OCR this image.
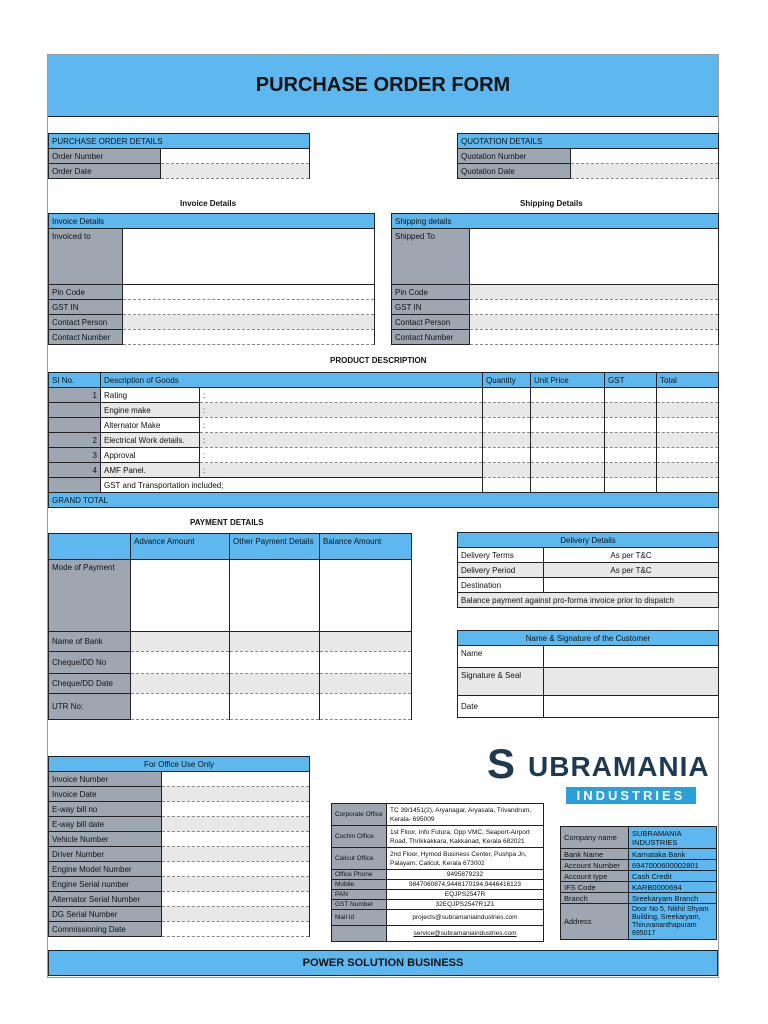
PURCHASE ORDER FORM
PURCHASE ORDER DETAILS	
Order Number	
Order Date	
QUOTATION DETAILS	
Quotation Number	
Quotation Date	
Invoice Details	Shipping Details
Invoice Details	
Invoiced to	
Pin Code	
GST IN	
Contact Person	
Contact Number	
Shipping details	
Shipped To	
Pin Code	
GST IN	
Contact Person	
Contact Number	
PRODUCT DESCRIPTION
SI No.	Description of Goods		Quantity	Unit Price	GST	Total
1	Rating	:				
	Engine make	:				
	Alternator Make	:				
2	Electrical Work details.	:				
3	Approval	:				
4	AMF Panel.	:				
	GST and Transportation included;					
GRAND TOTAL						
PAYMENT DETAILS
	Advance Amount	Other Payment Details	Balance Amount
Mode of Payment			
Name of Bank			
Cheque/DD No			
Cheque/DD Date			
UTR No:			
Delivery Details	
Delivery Terms	As per T&C
Delivery Period	As per T&C
Destination	
Balance payment against pro-forma invoice prior to dispatch	
Name & Signature of the Customer	
Name	
Signature & Seal	
Date	
For Office Use Only	
Invoice Number	
Invoice Date	
E-way bill no	
E-way bill date	
Vehicle Number	
Driver Number	
Engine Model Number	
Engine Serial number	
Alternator Serial Number	
DG Serial Number	
Commissioning Date	
S UBRAMANIA
INDUSTRIES
Corporate Office	TC 39/1451(2), Aryanagar, Aryasala, Trivandrum, Kerala- 695009
Cochin Office	1st Floor, Info Futura, Opp VMC, Seaport-Airport Road, Thrikkakkara, Kakkanad, Kerala 682021
Calicut Office	2nd Floor, Hymod Business Center, Pushpa Jn, Palayam, Calicut, Kerala 673002
Office Phone	9495879232
Mobile	9847060874,9446170194,9446416123
PAN	EQJPS2547R
GST Number	32EQJPS2547R1Z1
Mail Id	projects@subramaniaindustries.com
	service@subramaniaindustries.com
Company name	SUBRAMANIA INDUSTRIES
Bank Name	Karnataka Bank
Account Number	6947000600002801
Account type	Cash Credit
IFS Code	KARB0000694
Branch	Sreekaryam Branch
Address	Door No 5, Nikhil Shyam Building, Sreekaryam, Thiruvananthapuram 695017
POWER SOLUTION BUSINESS
